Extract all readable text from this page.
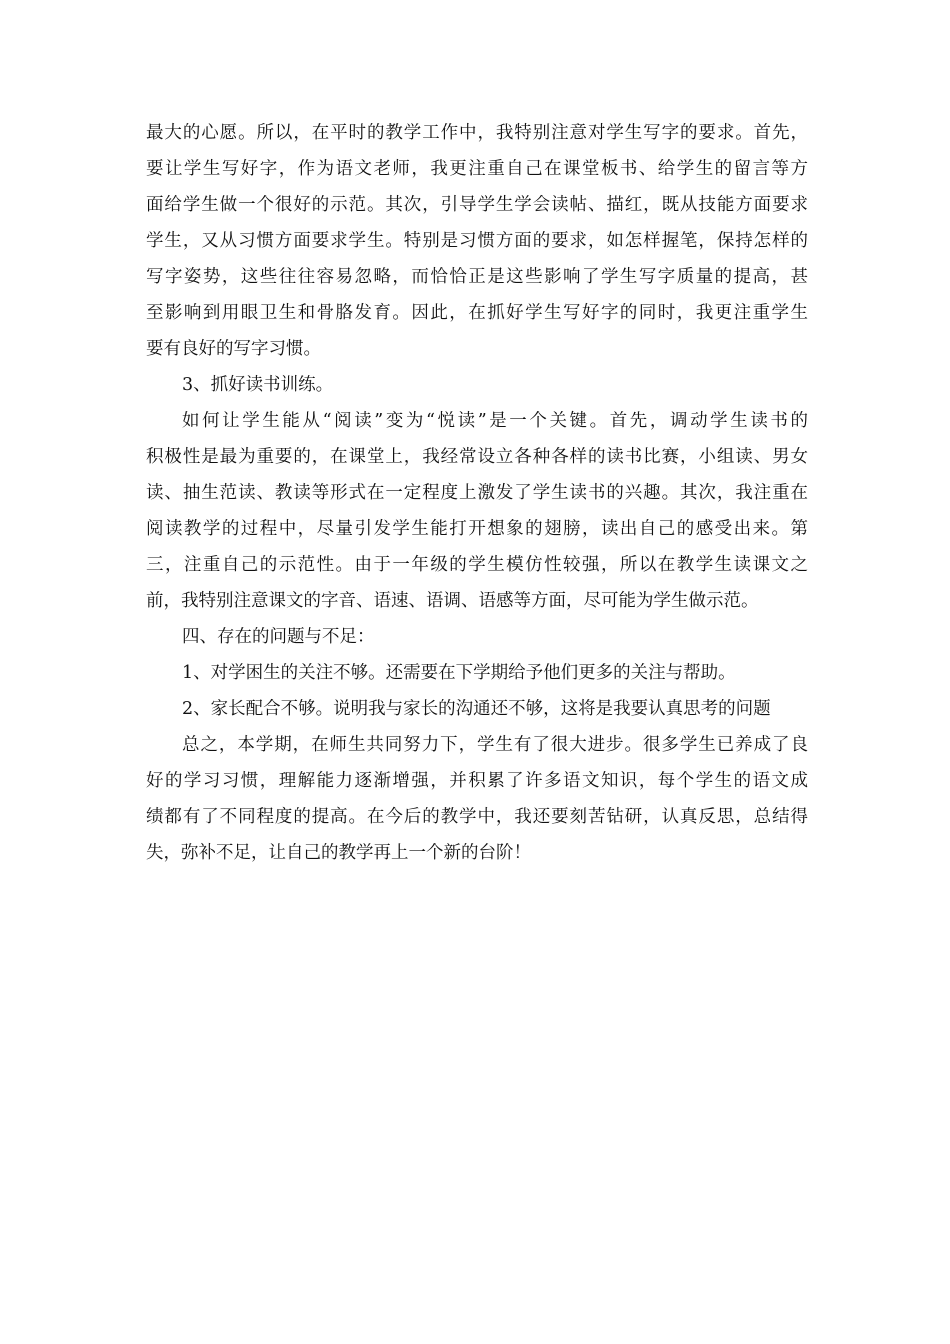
最大的心愿。所以，在平时的教学工作中，我特别注意对学生写字的要求。首先，
要让学生写好字，作为语文老师，我更注重自己在课堂板书、给学生的留言等方
面给学生做一个很好的示范。其次，引导学生学会读帖、描红，既从技能方面要求
学生，又从习惯方面要求学生。特别是习惯方面的要求，如怎样握笔，保持怎样的
写字姿势，这些往往容易忽略，而恰恰正是这些影响了学生写字质量的提高，甚
至影响到用眼卫生和骨胳发育。因此，在抓好学生写好字的同时，我更注重学生
要有良好的写字习惯。
3、抓好读书训练。
如何让学生能从“阅读”变为“悦读”是一个关键。首先，调动学生读书的
积极性是最为重要的，在课堂上，我经常设立各种各样的读书比赛，小组读、男女
读、抽生范读、教读等形式在一定程度上激发了学生读书的兴趣。其次，我注重在
阅读教学的过程中，尽量引发学生能打开想象的翅膀，读出自己的感受出来。第
三，注重自己的示范性。由于一年级的学生模仿性较强，所以在教学生读课文之
前，我特别注意课文的字音、语速、语调、语感等方面，尽可能为学生做示范。
四、存在的问题与不足：
1、对学困生的关注不够。还需要在下学期给予他们更多的关注与帮助。
2、家长配合不够。说明我与家长的沟通还不够，这将是我要认真思考的问题
总之，本学期，在师生共同努力下，学生有了很大进步。很多学生已养成了良
好的学习习惯，理解能力逐渐增强，并积累了许多语文知识，每个学生的语文成
绩都有了不同程度的提高。在今后的教学中，我还要刻苦钻研，认真反思，总结得
失，弥补不足，让自己的教学再上一个新的台阶！
